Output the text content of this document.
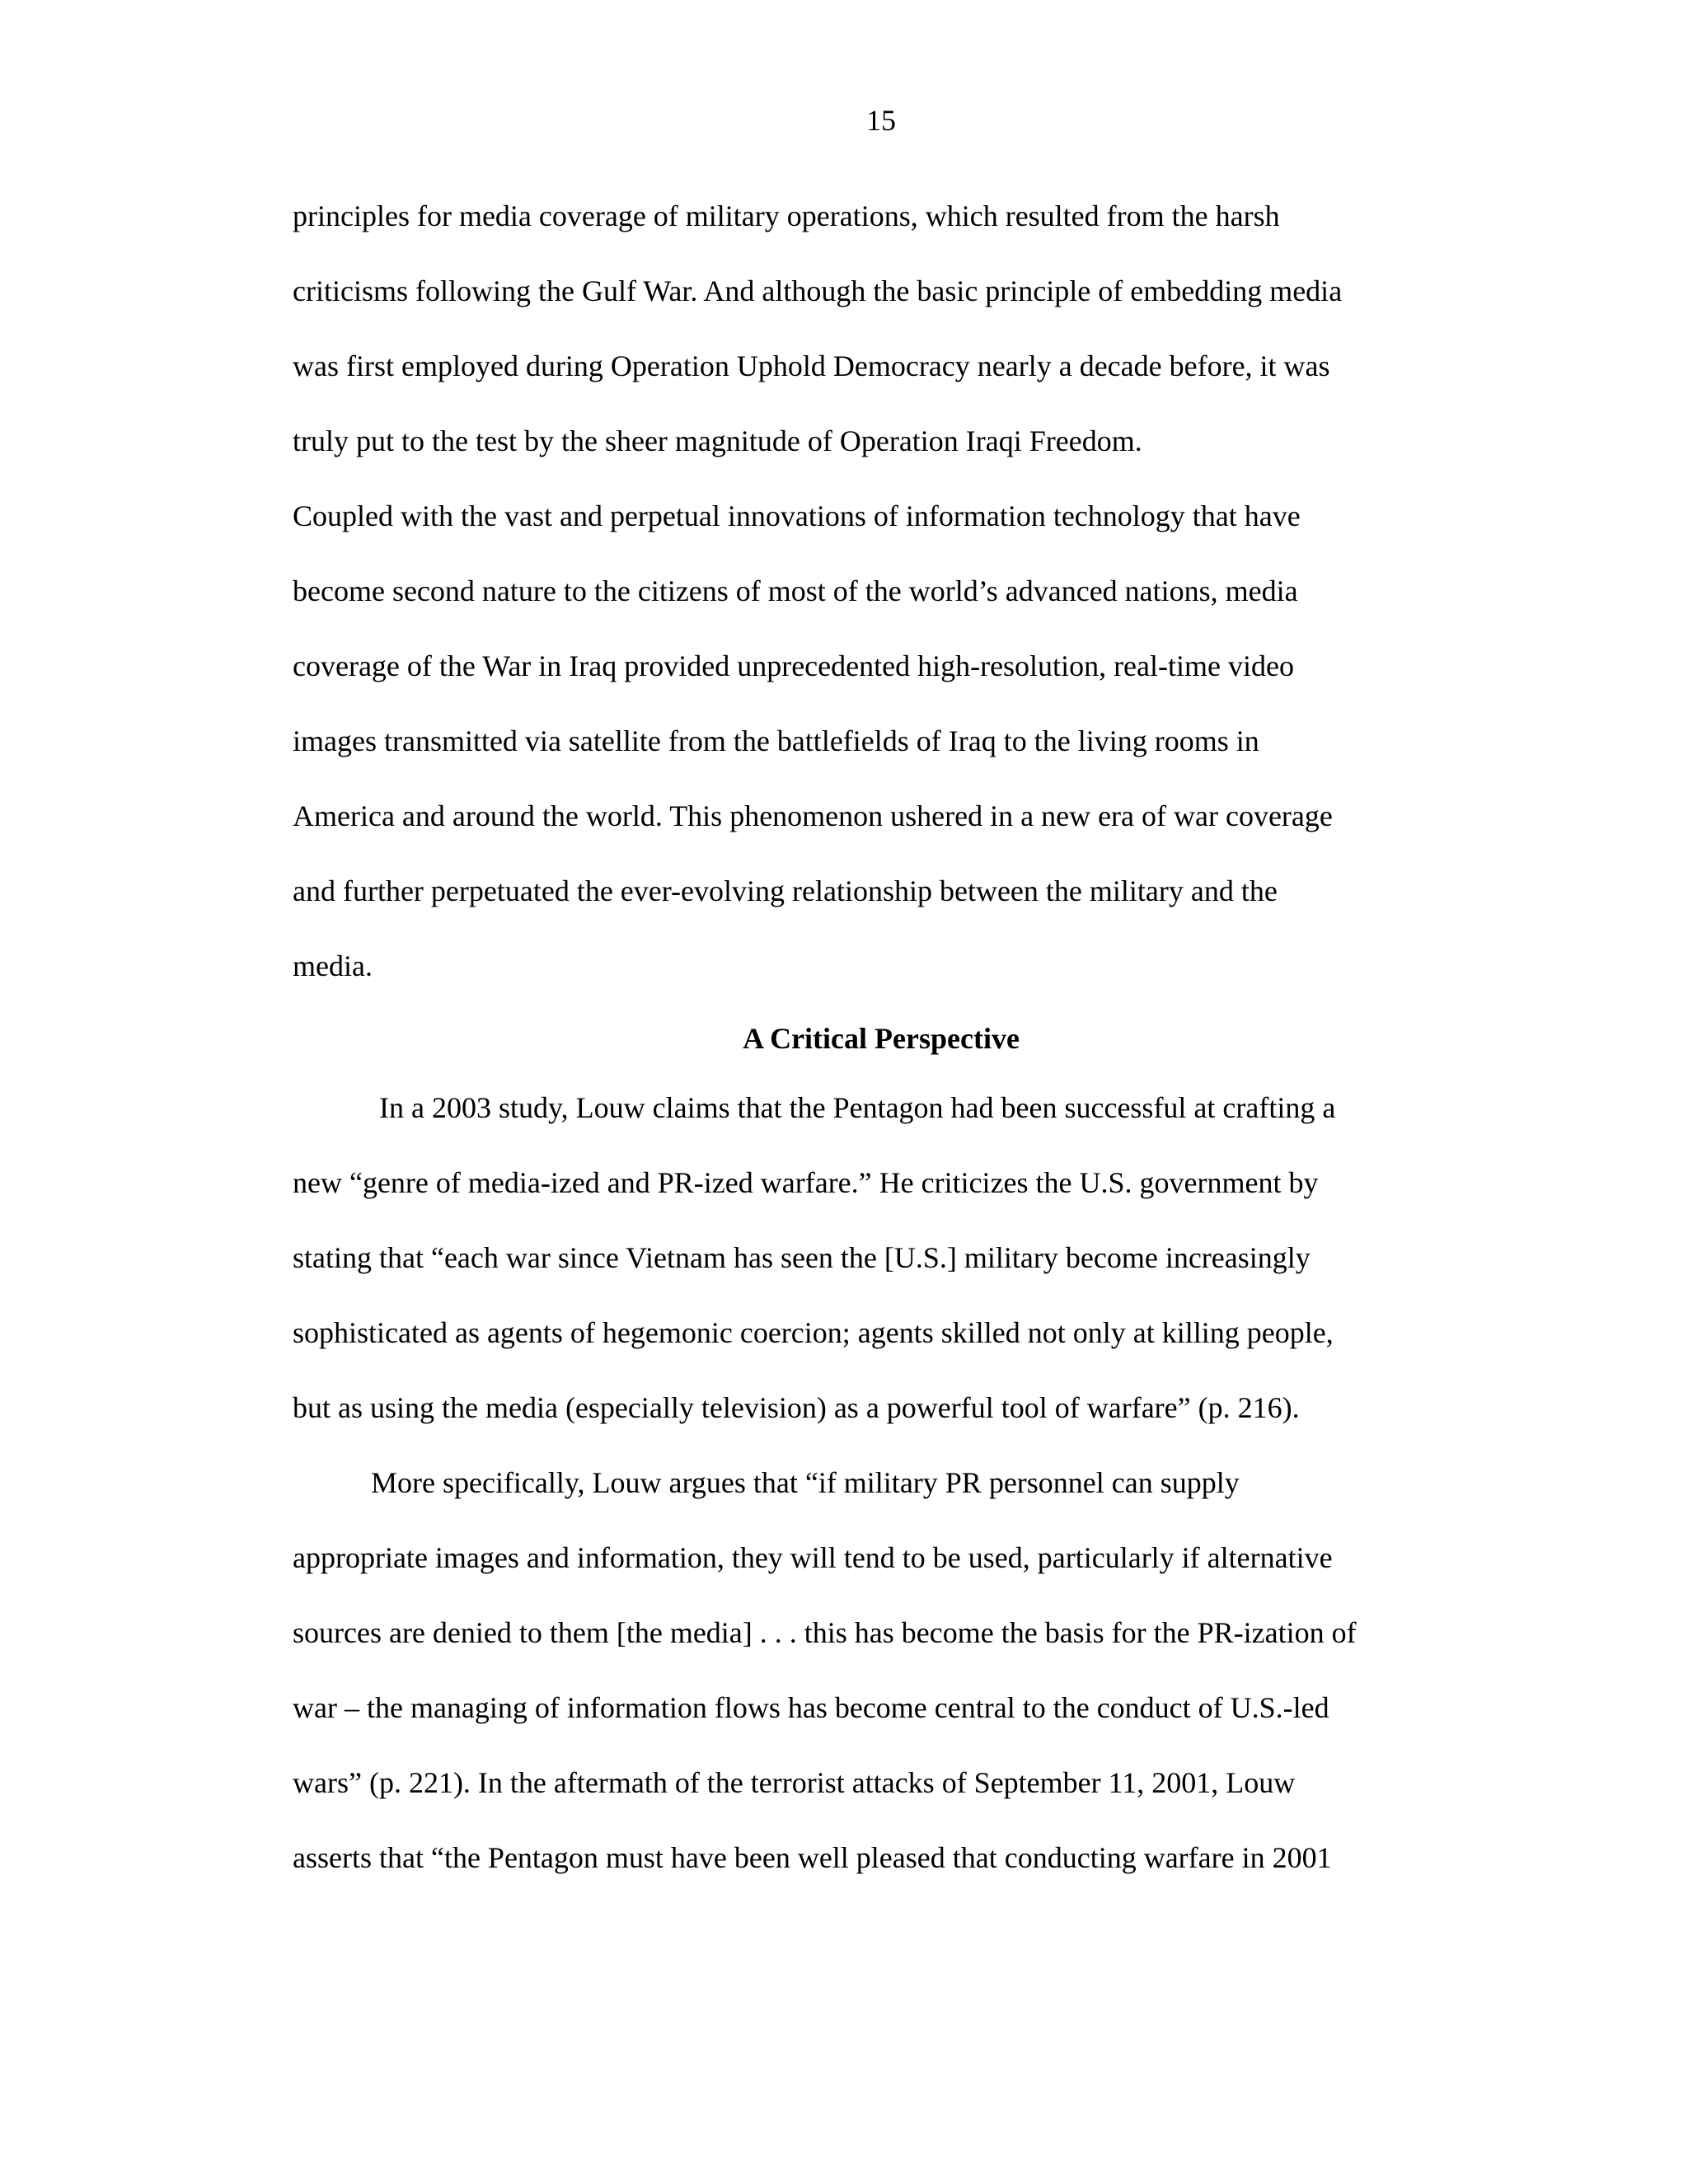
15
principles for media coverage of military operations, which resulted from the harsh
criticisms following the Gulf War. And although the basic principle of embedding media
was first employed during Operation Uphold Democracy nearly a decade before, it was
truly put to the test by the sheer magnitude of Operation Iraqi Freedom.
Coupled with the vast and perpetual innovations of information technology that have
become second nature to the citizens of most of the world’s advanced nations, media
coverage of the War in Iraq provided unprecedented high-resolution, real-time video
images transmitted via satellite from the battlefields of Iraq to the living rooms in
America and around the world. This phenomenon ushered in a new era of war coverage
and further perpetuated the ever-evolving relationship between the military and the
media.
A Critical Perspective
In a 2003 study, Louw claims that the Pentagon had been successful at crafting a
new “genre of media-ized and PR-ized warfare.” He criticizes the U.S. government by
stating that “each war since Vietnam has seen the [U.S.] military become increasingly
sophisticated as agents of hegemonic coercion; agents skilled not only at killing people,
but as using the media (especially television) as a powerful tool of warfare” (p. 216).
More specifically, Louw argues that “if military PR personnel can supply
appropriate images and information, they will tend to be used, particularly if alternative
sources are denied to them [the media] . . . this has become the basis for the PR-ization of
war – the managing of information flows has become central to the conduct of U.S.-led
wars” (p. 221). In the aftermath of the terrorist attacks of September 11, 2001, Louw
asserts that “the Pentagon must have been well pleased that conducting warfare in 2001
